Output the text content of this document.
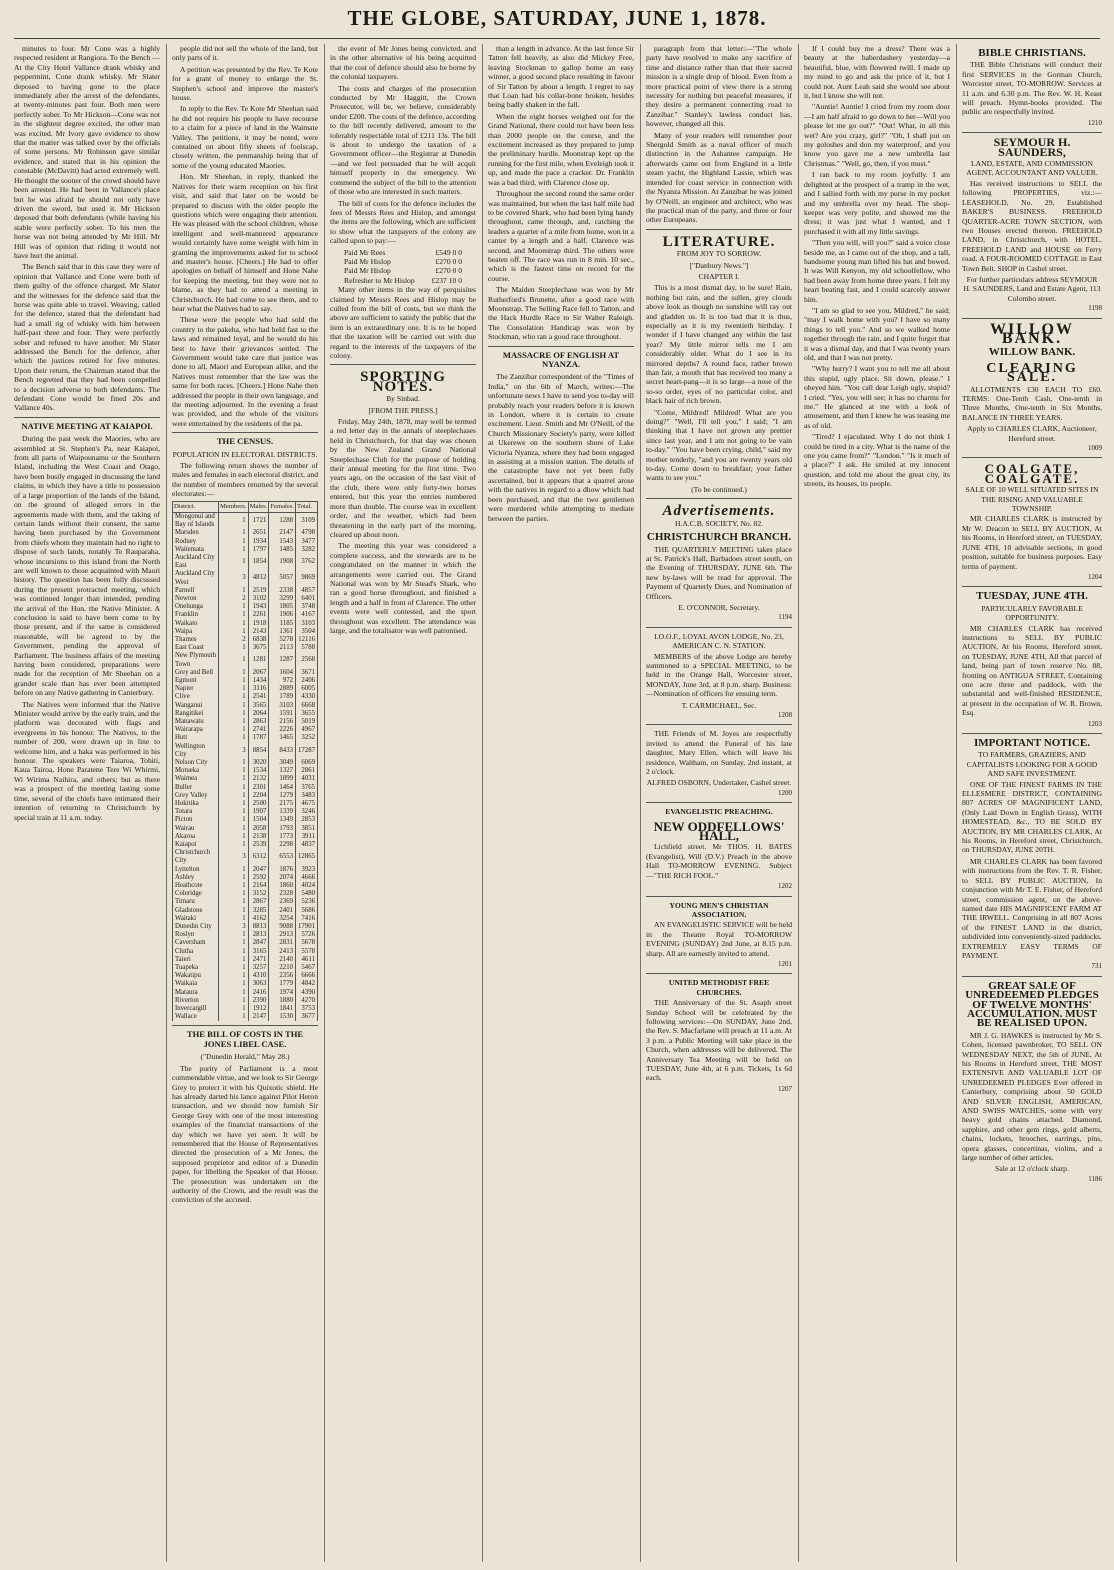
THE GLOBE, SATURDAY, JUNE 1, 1878.

minutes to four. Mr Cone was a highly respected resident at Rangiora. To the Bench —At the City Hotel Vallance drank whisky and peppermint, Cone drank whisky. Mr Slater deposed to having gone to the place immediately after the arrest of the defendants, at twenty-minutes past four. Both men were perfectly sober. To Mr Hickson—Cone was not in the slightest degree excited, the other man was excited. Mr Ivory gave evidence to show that the matter was talked over by the officials of some persons. Mr Robinson gave similar evidence, and stated that in his opinion the constable (McDavitt) had acted extremely well. He thought the sooner of the crowd should have been arrested. He had been in Vallance's place but he was afraid he should not only have driven the sword, but used it. Mr Hickson deposed that both defendants (while having his stable were perfectly sober. To his men the horse was not being attended by Mr Hill. Mr Hill was of opinion that riding it would not have hurt the animal.

The Bench said that in this case they were of opinion that Vallance and Cone were both of them guilty of the offence charged. Mr Slater and the witnesses for the defence said that the horse was quite able to travel. Weaving, called for the defence, stated that the defendant had had a small rig of whisky with him between half-past three and four. They were perfectly sober and refused to have another. Mr Slater addressed the Bench for the defence, after which the justices retired for five minutes. Upon their return, the Chairman stated that the Bench regretted that they had been compelled to a decision adverse to both defendants. The defendant Cone would be fined 20s and Vallance 40s.

NATIVE MEETING AT KAIAPOI.

During the past week the Maories, who are assembled at St. Stephen's Pa, near Kaiapoi, from all parts of Waipounamu or the Southern Island, including the West Coast and Otago, have been busily engaged in discussing the land claims, in which they have a title to possession of a large proportion of the lands of the Island, on the ground of alleged errors in the agreements made with them, and the taking of certain lands without their consent, the same having been purchased by the Government from chiefs whom they maintain had no right to dispose of such lands, notably Te Rauparaha, whose incursions to this island from the North are well known to those acquainted with Maori history. The question has been fully discussed during the present protracted meeting, which was continued longer than intended, pending the arrival of the Hon. the Native Minister. A conclusion is said to have been come to by those present, and if the same is considered reasonable, will be agreed to by the Government, pending the approval of Parliament. The business affairs of the meeting having been considered, preparations were made for the reception of Mr Sheehan on a grander scale than has ever been attempted before on any Native gathering in Canterbury.

The Natives were informed that the Native Minister would arrive by the early train, and the platform was decorated with flags and evergreens in his honour. The Natives, to the number of 200, were drawn up in line to welcome him, and a haka was performed in his honour. The speakers were Taiaroa, Tohiti, Kaua Tairoa, Hone Paratene Tere Wi Whirmi, Wi Wirima Naihira, and others; but as there was a prospect of the meeting lasting some time, several of the chiefs have intimated their intention of returning to Christchurch by special train at 11 a.m. today.

people did not sell the whole of the land, but only parts of it.

A petition was presented by the Rev. Te Kote for a grant of money to enlarge the St. Stephen's school and improve the master's house.

In reply to the Rev. Te Kote Mr Sheehan said he did not require his people to have recourse to a claim for a piece of land in the Waimate Valley. The petitions, it may be noted, were contained on about fifty sheets of foolscap, closely written, the penmanship being that of some of the young educated Maories.

Hon. Mr Sheehan, in reply, thanked the Natives for their warm reception on his first visit, and said that later on he would be prepared to discuss with the older people the questions which were engaging their attention. He was pleased with the school children, whose intelligent and well-mannered appearance would certainly have some weight with him in granting the improvements asked for to school and master's house. [Cheers.] He had to offer apologies on behalf of himself and Hone Nahe for keeping the meeting, but they were not to blame, as they had to attend a meeting in Christchurch. He had come to see them, and to hear what the Natives had to say.

These were the people who had sold the country to the pakeha, who had held fast to the laws and remained loyal, and he would do his best to have their grievances settled. The Government would take care that justice was done to all, Maori and European alike, and the Natives must remember that the law was the same for both races. [Cheers.] Hone Nahe then addressed the people in their own language, and the meeting adjourned. In the evening a feast was provided, and the whole of the visitors were entertained by the residents of the pa.

THE CENSUS.
POPULATION IN ELECTORAL DISTRICTS.

The following return shows the number of males and females in each electoral district, and the number of members returned by the several electorates:—

District.	Members.	Males.	Females.	Total.
Mongonui and Bay of Islands	1	1721	1288	3109
Marsden	1	2651	2147	4798
Rodney	1	1934	1543	3477
Waitemata	1	1797	1485	3282
Auckland City East	1	1854	1908	3762
Auckland City West	3	4812	5057	9869
Parnell	1	2519	2338	4857
Newton	2	3102	3299	6401
Onehunga	1	1943	1805	3748
Franklin	1	2261	1906	4167
Waikato	1	1918	1185	3103
Waipa	1	2143	1361	3504
Thames	2	6838	5278	12116
East Coast	1	3675	2113	5788
New Plymouth Town	1	1281	1287	2568
Grey and Bell	1	2067	1604	3671
Egmont	1	1434	972	2406
Napier	1	3116	2889	6005
Clive	1	2541	1789	4330
Wanganui	1	3565	3103	6668
Rangitikei	1	2064	1591	3655
Manawatu	1	2863	2156	5019
Wairarapa	1	2741	2226	4967
Hutt	1	1787	1465	3252
Wellington City	3	8854	8433	17287
Nelson City	1	3020	3049	6069
Motueka	1	1534	1327	2861
Waimea	1	2132	1899	4031
Buller	1	2301	1464	3765
Grey Valley	1	2204	1279	3483
Hokitika	1	2500	2175	4675
Totara	1	1907	1339	3246
Picton	1	1504	1349	2853
Wairau	1	2058	1793	3851
Akaroa	1	2138	1773	3911
Kaiapoi	1	2539	2298	4837
Christchurch City	3	6312	6553	12865
Lyttelton	1	2047	1876	3923
Ashley	1	2592	2074	4666
Heathcote	1	2164	1860	4024
Coleridge	1	3152	2328	5480
Timaru	1	2867	2369	5236
Gladstone	1	3285	2401	5686
Waitaki	1	4162	3254	7416
Dunedin City	3	8813	9088	17901
Roslyn	1	2813	2913	5726
Caversham	1	2847	2831	5678
Clutha	1	3165	2413	5578
Taieri	1	2471	2140	4611
Tuapeka	1	3257	2210	5467
Wakatipu	1	4310	2356	6666
Waikaia	1	3063	1779	4842
Mataura	1	2416	1974	4390
Riverton	1	2390	1880	4270
Invercargill	1	1912	1841	3753
Wallace	1	2147	1530	3677
THE BILL OF COSTS IN THE JONES LIBEL CASE.
("Dunedin Herald," May 28.)

The purity of Parliament is a most commendable virtue, and we look to Sir George Grey to protect it with his Quixotic shield. He has already darted his lance against Pilot Heron transaction, and we should now furnish Sir George Grey with one of the most interesting examples of the financial transactions of the day which we have yet seen. It will be remembered that the House of Representatives directed the prosecution of a Mr Jones, the supposed proprietor and editor of a Dunedin paper, for libelling the Speaker of that House. The prosecution was undertaken on the authority of the Crown, and the result was the conviction of the accused.

the event of Mr Jones being convicted, and in the other alternative of his being acquitted that the cost of defence should also be borne by the colonial taxpayers.

The costs and charges of the prosecution conducted by Mr Haggitt, the Crown Prosecutor, will be, we believe, considerably under £200. The costs of the defence, according to the bill recently delivered, amount to the tolerably respectable total of £211 13s. The bill is about to undergo the taxation of a Government officer—the Registrar at Dunedin—and we feel persuaded that he will acquit himself properly in the emergency. We commend the subject of the bill to the attention of those who are interested in such matters.

The bill of costs for the defence includes the fees of Messrs Rees and Hislop, and amongst the items are the following, which are sufficient to show what the taxpayers of the colony are called upon to pay:—

Paid Mr Rees	£549 0 0
Paid Mr Hislop	£270 0 0
Paid Mr Hislop	£270 0 0
Refresher to Mr Hislop £237 10 0

Many other items in the way of perquisites claimed by Messrs Rees and Hislop may be culled from the bill of costs, but we think the above are sufficient to satisfy the public that the item is an extraordinary one. It is to be hoped that the taxation will be carried out with due regard to the interests of the taxpayers of the colony.

SPORTING NOTES.
By Sinbad.
[FROM THE PRESS.]

Friday, May 24th, 1878, may well be termed a red letter day in the annals of steeplechases held in Christchurch, for that day was chosen by the New Zealand Grand National Steeplechase Club for the purpose of holding their annual meeting for the first time. Two years ago, on the occasion of the last visit of the club, there were only forty-two horses entered, but this year the entries numbered more than double. The course was in excellent order, and the weather, which had been threatening in the early part of the morning, cleared up about noon.

The meeting this year was considered a complete success, and the stewards are to be congratulated on the manner in which the arrangements were carried out. The Grand National was won by Mr Stead's Shark, who ran a good horse throughout, and finished a length and a half in front of Clarence. The other events were well contested, and the sport throughout was excellent. The attendance was large, and the totalisator was well patronised.

than a length in advance. At the last fence Sir Tatton fell heavily, as also did Mickey Free, leaving Stockman to gallop home an easy winner, a good second place resulting in favour of Sir Tatton by about a length. I regret to say that Loan had his collar-bone broken, besides being badly shaken in the fall.

When the eight horses weighed out for the Grand National, there could not have been less than 2000 people on the course, and the excitement increased as they prepared to jump the preliminary hurdle. Moonstrap kept up the running for the first mile, when Eveleigh took it up, and made the pace a cracker. Dr. Franklin was a bad third, with Clarence close up.

Throughout the second round the same order was maintained, but when the last half mile had to be covered Shark, who had been lying handy throughout, came through, and, catching the leaders a quarter of a mile from home, won in a canter by a length and a half. Clarence was second, and Moonstrap third. The others were beaten off. The race was run in 8 min. 10 sec., which is the fastest time on record for the course.

The Maiden Steeplechase was won by Mr Rutherford's Brunette, after a good race with Moonstrap. The Selling Race fell to Tatton, and the Hack Hurdle Race to Sir Walter Raleigh. The Consolation Handicap was won by Stockman, who ran a good race throughout.

MASSACRE OF ENGLISH AT NYANZA.

The Zanzibar correspondent of the "Times of India," on the 6th of March, writes:—The unfortunate news I have to send you to-day will probably reach your readers before it is known in London, where it is certain to create excitement. Lieut. Smith and Mr O'Neill, of the Church Missionary Society's party, were killed at Ukerewe on the southern shore of Lake Victoria Nyanza, where they had been engaged in assisting at a mission station. The details of the catastrophe have not yet been fully ascertained, but it appears that a quarrel arose with the natives in regard to a dhow which had been purchased, and that the two gentlemen were murdered while attempting to mediate between the parties.

paragraph from that letter:—"The whole party have resolved to make any sacrifice of time and distance rather than that their sacred mission is a single drop of blood. Even from a more practical point of view there is a strong necessity for nothing but peaceful measures, if they desire a permanent connecting road to Zanzibar." Stanley's lawless conduct has, however, changed all this.

Many of your readers will remember poor Shergold Smith as a naval officer of much distinction in the Ashantee campaign. He afterwards came out from England in a little steam yacht, the Highland Lassie, which was intended for coast service in connection with the Nyanza Mission. At Zanzibar he was joined by O'Neill, an engineer and architect, who was the practical man of the party, and three or four other Europeans.

LITERATURE.
FROM JOY TO SORROW.
["Danbury News."]
CHAPTER I.

This is a most dismal day, to be sure! Rain, nothing but rain, and the sullen, grey clouds above look as though no sunshine will ray out and gladden us. It is too bad that it is thus, especially as it is my twentieth birthday. I wonder if I have changed any within the last year? My little mirror tells me I am considerably older. What do I see in its mirrored depths? A round face, rather brown than fair, a mouth that has received too many a secret heart-pang—it is so large—a nose of the so-so order, eyes of no particular color, and black hair of rich brown.

"Come, Mildred! Mildred! What are you doing?" "Well, I'll tell you," I said; "I am thinking that I have not grown any prettier since last year, and I am not going to be vain to-day." "You have been crying, child," said my mother tenderly, "and you are twenty years old to-day. Come down to breakfast; your father wants to see you."

(To be continued.)
Advertisements.
H.A.C.B. SOCIETY, No. 82.
CHRISTCHURCH BRANCH.

THE QUARTERLY MEETING takes place at St. Patrick's Hall, Barbadoes street south, on the Evening of THURSDAY, JUNE 6th. The new by-laws will be read for approval. The Payment of Quarterly Dues, and Nomination of Officers.

E. O'CONNOR, Secretary.
1194
I.O.O.F., LOYAL AVON LODGE, No. 23, AMERICAN C. N. STATION.

MEMBERS of the above Lodge are hereby summoned to a SPECIAL MEETING, to be held in the Orange Hall, Worcester street, MONDAY, June 3rd, at 8 p.m. sharp. Business:—Nomination of officers for ensuing term.

T. CARMICHAEL, Sec.
1208

THE Friends of M. Joyes are respectfully invited to attend the Funeral of his late daughter, Mary Ellen, which will leave his residence, Waltham, on Sunday, 2nd instant, at 2 o'clock.

ALFRED OSBORN, Undertaker, Cashel street.
1200
EVANGELISTIC PREACHING.
NEW ODDFELLOWS' HALL,

Lichfield street. Mr THOS. H. BATES (Evangelist), Will (D.V.) Preach in the above Hall TO-MORROW EVENING. Subject—"THE RICH FOOL."

1202
YOUNG MEN'S CHRISTIAN ASSOCIATION.

AN EVANGELISTIC SERVICE will be held in the Theatre Royal TO-MORROW EVENING (SUNDAY) 2nd June, at 8.15 p.m. sharp. All are earnestly invited to attend.

1201
UNITED METHODIST FREE CHURCHES.

THE Anniversary of the St. Asaph street Sunday School will be celebrated by the following services:—On SUNDAY, June 2nd, the Rev. S. Macfarlane will preach at 11 a.m. At 3 p.m. a Public Meeting will take place in the Church, when addresses will be delivered. The Anniversary Tea Meeting will be held on TUESDAY, June 4th, at 6 p.m. Tickets, 1s 6d each.

1207

If I could buy me a dress? There was a beauty at the haberdashery yesterday—a beautiful, blue, with flowered twill. I made up my mind to go and ask the price of it, but I could not. Aunt Leah said she would see about it, but I know she will not.

"Auntie! Auntie! I cried from my room door—I am half afraid to go down to her—Will you please let me go out?" "Out! What, in all this wet? Are you crazy, girl?" "Oh, I shall put on my goloshes and don my waterproof, and you know you gave me a new umbrella last Christmas." "Well, go, then, if you must."

I ran back to my room joyfully. I am delighted at the prospect of a tramp in the wet, and I sallied forth with my purse in my pocket and my umbrella over my head. The shop-keeper was very polite, and showed me the dress; it was just what I wanted, and I purchased it with all my little savings.

"Then you will, will you?" said a voice close beside me, as I came out of the shop, and a tall, handsome young man lifted his hat and bowed. It was Will Kenyon, my old schoolfellow, who had been away from home three years. I felt my heart beating fast, and I could scarcely answer him.

"I am so glad to see you, Mildred," he said; "may I walk home with you? I have so many things to tell you." And so we walked home together through the rain, and I quite forgot that it was a dismal day, and that I was twenty years old, and that I was not pretty.

"Why hurry? I want you to tell me all about this stupid, ugly place. Sit down, please." I obeyed him. "You call dear Leigh ugly, stupid? I cried. "Yes, you will see; it has no charms for me." He glanced at me with a look of amusement, and then I knew he was teasing me as of old.

"Tired? I ejaculated. Why I do not think I could be tired in a city. What is the name of the one you came from?" "London." "Is it much of a place?" I ask. He smiled at my innocent question, and told me about the great city, its streets, its houses, its people.

BIBLE CHRISTIANS.

THE Bible Christians will conduct their first SERVICES in the Gorman Church, Worcester street, TO-MORROW. Services at 11 a.m. and 6.30 p.m. The Rev. W. H. Keast will preach. Hymn-books provided. The public are respectfully invited.

1210
SEYMOUR H. SAUNDERS,
LAND, ESTATE, AND COMMISSION AGENT, ACCOUNTANT AND VALUER.

Has received instructions to SELL the following PROPERTIES, viz.:—LEASEHOLD, No. 29, Established BAKER'S BUSINESS. FREEHOLD QUARTER-ACRE TOWN SECTION, with two Houses erected thereon. FREEHOLD LAND, in Christchurch, with HOTEL. FREEHOLD LAND and HOUSE on Ferry road. A FOUR-ROOMED COTTAGE in East Town Belt. SHOP in Cashel street.

For further particulars address SEYMOUR H. SAUNDERS, Land and Estate Agent, 113 Colombo street.
1198
WILLOW BANK.
WILLOW BANK.
CLEARING SALE.

ALLOTMENTS £30 EACH TO £60. TERMS: One-Tenth Cash, One-tenth in Three Months, One-tenth in Six Months, BALANCE IN THREE YEARS.

Apply to CHARLES CLARK, Auctioneer, Hereford street.
1009
COALGATE, COALGATE.
SALE OF 10 WELL SITUATED SITES IN THE RISING AND VALUABLE TOWNSHIP.

MR CHARLES CLARK is instructed by Mr W. Deacon to SELL BY AUCTION, At his Rooms, in Hereford street, on TUESDAY, JUNE 4TH, 10 advisable sections, in good position, suitable for business purposes. Easy terms of payment.

1204
TUESDAY, JUNE 4TH.
PARTICULARLY FAVORABLE OPPORTUNITY.

MR CHARLES CLARK has received instructions to SELL BY PUBLIC AUCTION, At his Rooms, Hereford street, on TUESDAY, JUNE 4TH, All that parcel of land, being part of town reserve No. 88, fronting on ANTIGUA STREET, Containing one acre three and paddock, with the substantial and well-finished RESIDENCE, at present in the occupation of W. R. Brown, Esq.

1203
IMPORTANT NOTICE.
TO FARMERS, GRAZIERS, AND CAPITALISTS LOOKING FOR A GOOD AND SAFE INVESTMENT.

ONE OF THE FINEST FARMS IN THE ELLESMERE DISTRICT, CONTAINING 807 ACRES OF MAGNIFICENT LAND, (Only Laid Down in English Grass), WITH HOMESTEAD, &c., TO BE SOLD BY AUCTION, BY MR CHARLES CLARK, At his Rooms, in Hereford street, Christchurch, on THURSDAY, JUNE 20TH.

MR CHARLES CLARK has been favored with instructions from the Rev. T. R. Fisher, to SELL BY PUBLIC AUCTION, In conjunction with Mr T. E. Fisher, of Hereford street, commission agent, on the above-named date HIS MAGNIFICENT FARM AT THE IRWELL. Comprising in all 807 Acres of the FINEST LAND in the district, subdivided into conveniently-sized paddocks. EXTREMELY EASY TERMS OF PAYMENT.

731
GREAT SALE OF UNREDEEMED PLEDGES OF TWELVE MONTHS' ACCUMULATION. MUST BE REALISED UPON.

MR J. G. HAWKES is instructed by Mr S. Cohen, licensed pawnbroker, TO SELL ON WEDNESDAY NEXT, the 5th of JUNE, At his Rooms in Hereford street, THE MOST EXTENSIVE AND VALUABLE LOT OF UNREDEEMED PLEDGES Ever offered in Canterbury, comprising about 50 GOLD AND SILVER ENGLISH, AMERICAN, AND SWISS WATCHES, some with very heavy gold chains attached. Diamond, sapphire, and other gem rings, gold alberts, chains, lockets, brooches, earrings, pins, opera glasses, concertinas, violins, and a large number of other articles.

Sale at 12 o'clock sharp.
1186
